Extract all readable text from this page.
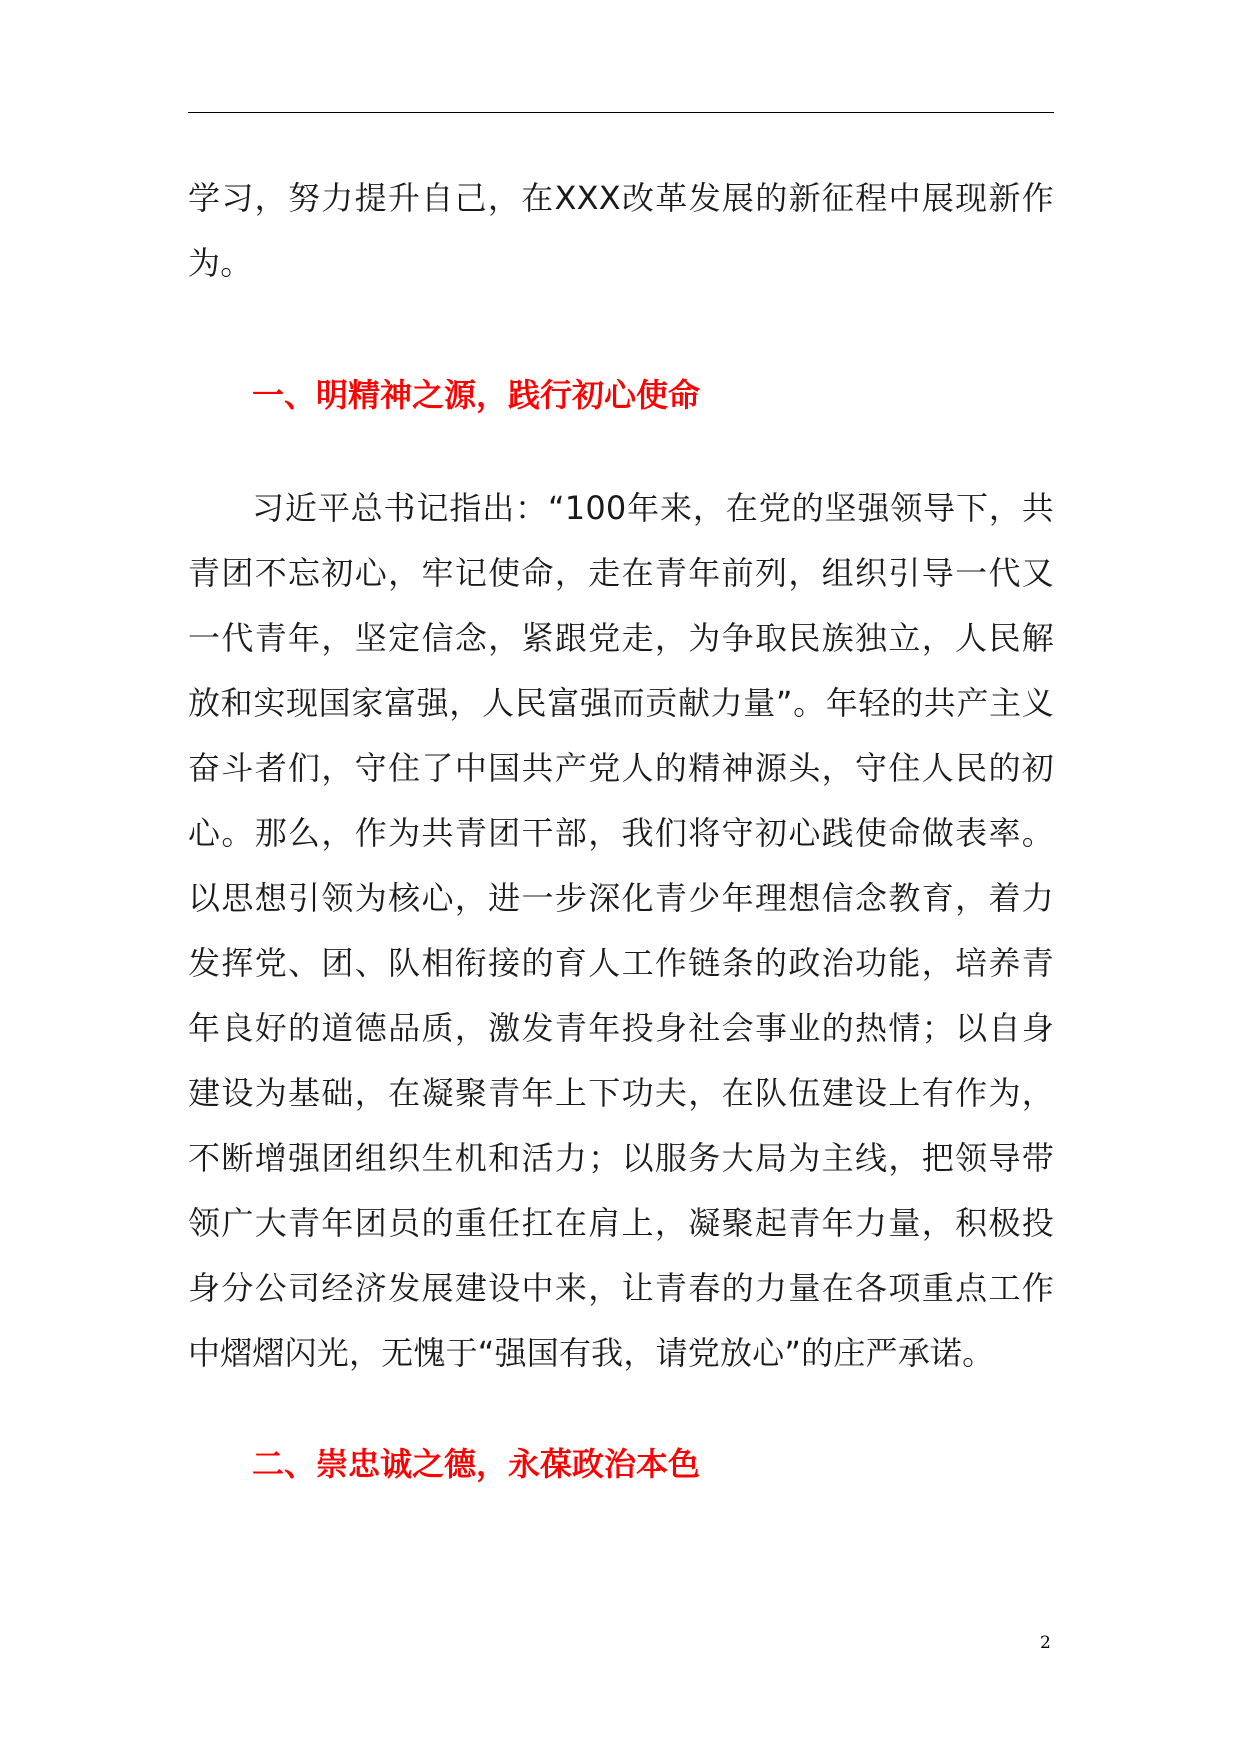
学习，努力提升自己，在XXX改革发展的新征程中展现新作为。

一、明精神之源，践行初心使命

习近平总书记指出：“100年来，在党的坚强领导下，共青团不忘初心，牢记使命，走在青年前列，组织引导一代又一代青年，坚定信念，紧跟党走，为争取民族独立，人民解放和实现国家富强，人民富强而贡献力量”。年轻的共产主义奋斗者们，守住了中国共产党人的精神源头，守住人民的初心。那么，作为共青团干部，我们将守初心践使命做表率。以思想引领为核心，进一步深化青少年理想信念教育，着力发挥党、团、队相衔接的育人工作链条的政治功能，培养青年良好的道德品质，激发青年投身社会事业的热情；以自身建设为基础，在凝聚青年上下功夫，在队伍建设上有作为，不断增强团组织生机和活力；以服务大局为主线，把领导带领广大青年团员的重任扛在肩上，凝聚起青年力量，积极投身分公司经济发展建设中来，让青春的力量在各项重点工作中熠熠闪光，无愧于“强国有我，请党放心”的庄严承诺。

二、崇忠诚之德，永葆政治本色

2
